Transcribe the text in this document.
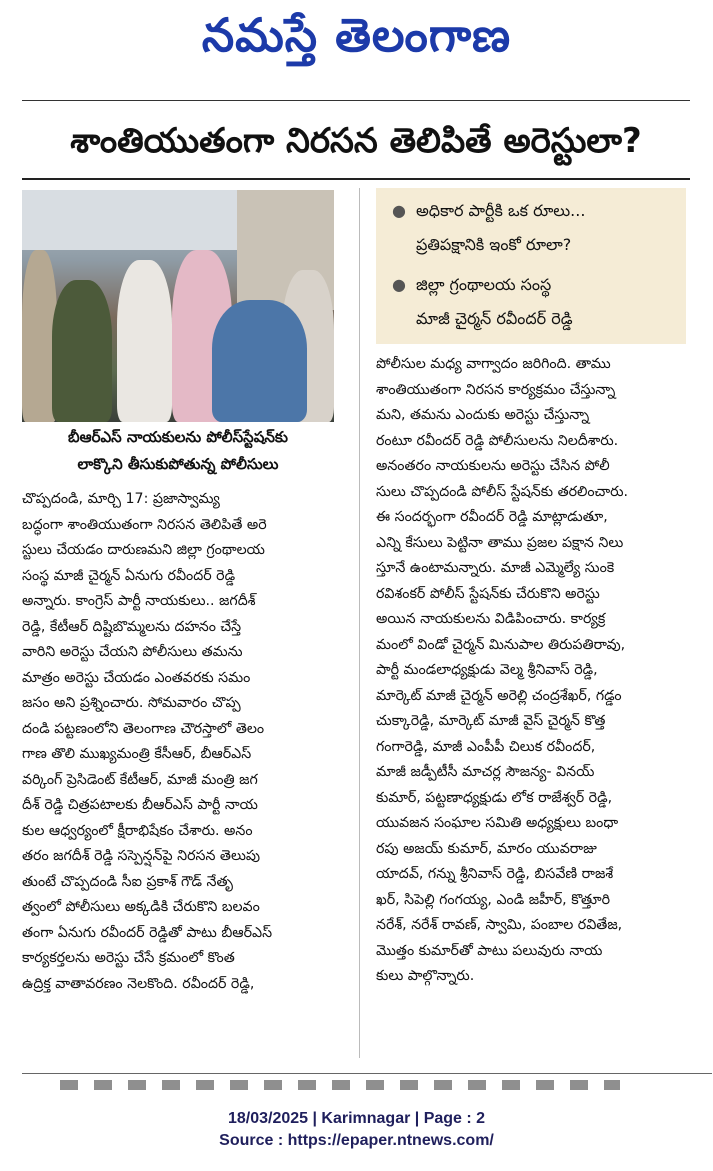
నమస్తే తెలంగాణ
శాంతియుతంగా నిరసన తెలిపితే అరెస్టులా?
బీఆర్‌ఎస్ నాయకులను పోలీస్‌స్టేషన్‌కు
లాక్కొని తీసుకుపోతున్న పోలీసులు
● అధికార పార్టీకి ఒక రూలు...
ప్రతిపక్షానికి ఇంకో రూలా?
● జిల్లా గ్రంథాలయ సంస్థ
మాజీ చైర్మన్ రవీందర్ రెడ్డి
చొప్పదండి, మార్చి 17: ప్రజాస్వామ్య
బద్ధంగా శాంతియుతంగా నిరసన తెలిపితే అరె
స్టులు చేయడం దారుణమని జిల్లా గ్రంథాలయ
సంస్థ మాజీ చైర్మన్ ఏనుగు రవీందర్ రెడ్డి
అన్నారు. కాంగ్రెస్ పార్టీ నాయకులు.. జగదీశ్
రెడ్డి, కేటీఆర్ దిష్టిబొమ్మలను దహనం చేస్తే
వారిని అరెస్టు చేయని పోలీసులు తమను
మాత్రం అరెస్టు చేయడం ఎంతవరకు సమం
జసం అని ప్రశ్నించారు. సోమవారం చొప్ప
దండి పట్టణంలోని తెలంగాణ చౌరస్తాలో తెలం
గాణ తొలి ముఖ్యమంత్రి కేసీఆర్, బీఆర్‌ఎస్
వర్కింగ్ ప్రెసిడెంట్ కేటీఆర్, మాజీ మంత్రి జగ
దీశ్ రెడ్డి చిత్రపటాలకు బీఆర్‌ఎస్ పార్టీ నాయ
కుల ఆధ్వర్యంలో క్షీరాభిషేకం చేశారు. అనం
తరం జగదీశ్ రెడ్డి సస్పెన్షన్‌పై నిరసన తెలుపు
తుంటే చొప్పదండి సీఐ ప్రకాశ్ గౌడ్ నేతృ
త్వంలో పోలీసులు అక్కడికి చేరుకొని బలవం
తంగా ఏనుగు రవీందర్ రెడ్డితో పాటు బీఆర్‌ఎస్
కార్యకర్తలను అరెస్టు చేసే క్రమంలో కొంత
ఉద్రిక్త వాతావరణం నెలకొంది. రవీందర్ రెడ్డి,
పోలీసుల మధ్య వాగ్వాదం జరిగింది. తాము
శాంతియుతంగా నిరసన కార్యక్రమం చేస్తున్నా
మని, తమను ఎందుకు అరెస్టు చేస్తున్నా
రంటూ రవీందర్ రెడ్డి పోలీసులను నిలదీశారు.
అనంతరం నాయకులను అరెస్టు చేసిన పోలీ
సులు చొప్పదండి పోలీస్ స్టేషన్‌కు తరలించారు.
ఈ సందర్భంగా రవీందర్ రెడ్డి మాట్లాడుతూ,
ఎన్ని కేసులు పెట్టినా తాము ప్రజల పక్షాన నిలు
స్తూనే ఉంటామన్నారు. మాజీ ఎమ్మెల్యే సుంకె
రవిశంకర్ పోలీస్ స్టేషన్‌కు చేరుకొని అరెస్టు
అయిన నాయకులను విడిపించారు. కార్యక్ర
మంలో విండో చైర్మన్ మినుపాల తిరుపతిరావు,
పార్టీ మండలాధ్యక్షుడు వెల్మ శ్రీనివాస్ రెడ్డి,
మార్కెట్ మాజీ చైర్మన్ అరెల్లి చంద్రశేఖర్, గడ్డం
చుక్కారెడ్డి, మార్కెట్ మాజీ వైస్ చైర్మన్ కొత్త
గంగారెడ్డి, మాజీ ఎంపీపీ చిలుక రవీందర్,
మాజీ జడ్పీటీసీ మాచర్ల సౌజన్య- వినయ్
కుమార్, పట్టణాధ్యక్షుడు లోక రాజేశ్వర్ రెడ్డి,
యువజన సంఘాల సమితి అధ్యక్షులు బంధా
రపు అజయ్ కుమార్, మారం యువరాజు
యాదవ్, గన్ను శ్రీనివాస్ రెడ్డి, బిసవేణి రాజశే
ఖర్, సిపెల్లి గంగయ్య, ఎండి జహీర్, కొత్తూరి
నరేశ్, నరేశ్ రావణ్, స్వామి, పంబాల రవితేజ,
మొత్తం కుమార్‌తో పాటు పలువురు నాయ
కులు పాల్గొన్నారు.
18/03/2025 | Karimnagar | Page : 2
Source : https://epaper.ntnews.com/
